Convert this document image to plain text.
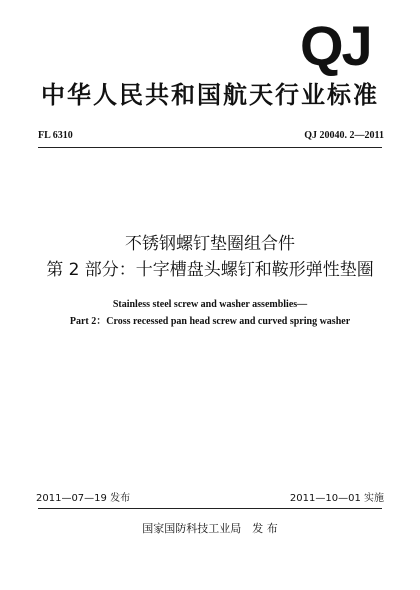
QJ
中华人民共和国航天行业标准
FL 6310	QJ 20040. 2—2011
不锈钢螺钉垫圈组合件
第 2 部分：十字槽盘头螺钉和鞍形弹性垫圈
Stainless steel screw and washer assemblies—
Part 2：Cross recessed pan head screw and curved spring washer
2011—07—19 发布	2011—10—01 实施
国家国防科技工业局　发 布
